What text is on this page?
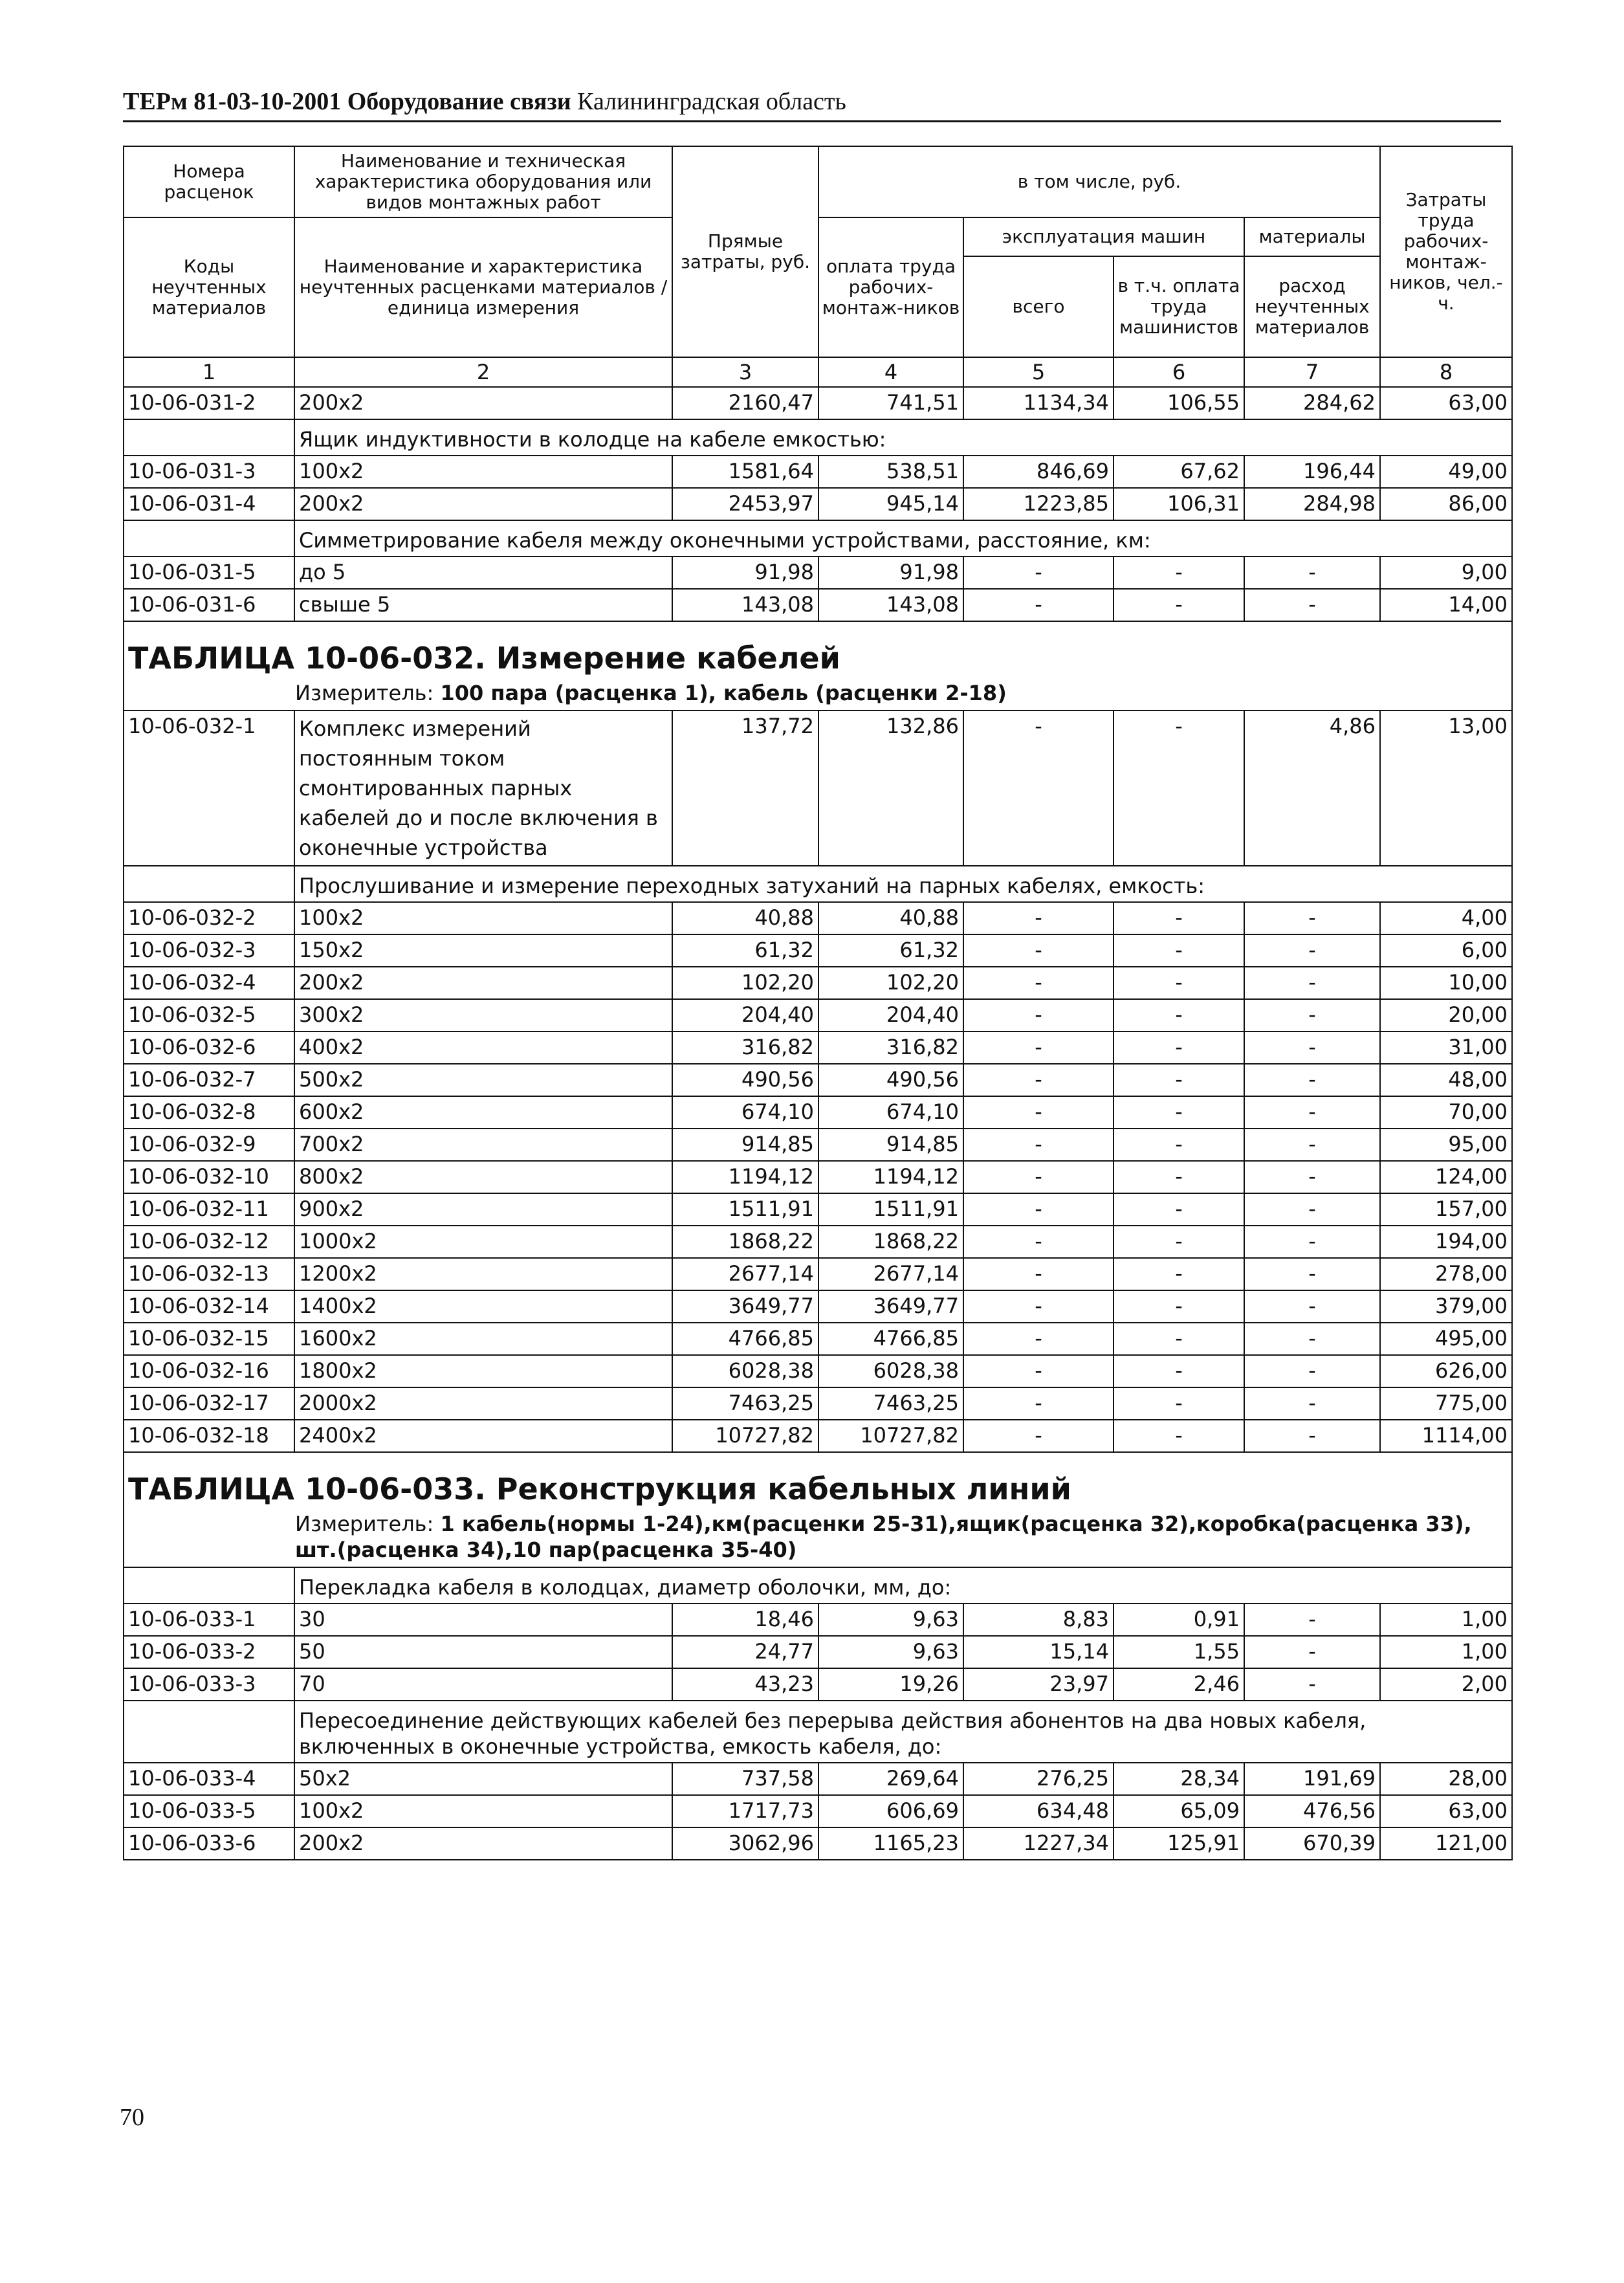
ТЕРм 81-03-10-2001 Оборудование связи Калининградская область
Номера расценок	Наименование и техническая характеристика оборудования или видов монтажных работ	Прямые затраты, руб.	в том числе, руб.				Затраты труда рабочих-монтаж-ников, чел.-ч.
Коды неучтенных материалов	Наименование и характеристика неучтенных расценками материалов / единица измерения		оплата труда рабочих-монтаж-ников	эксплуатация машин		материалы	
				всего	в т.ч. оплата труда машинистов	расход неучтенных материалов	
1	2	3	4	5	6	7	8
10-06-031-2	200x2	2160,47	741,51	1134,34	106,55	284,62	63,00
	Ящик индуктивности в колодце на кабеле емкостью:						
10-06-031-3	100x2	1581,64	538,51	846,69	67,62	196,44	49,00
10-06-031-4	200x2	2453,97	945,14	1223,85	106,31	284,98	86,00
	Симметрирование кабеля между оконечными устройствами, расстояние, км:						
10-06-031-5	до 5	91,98	91,98	-	-	-	9,00
10-06-031-6	свыше 5	143,08	143,08	-	-	-	14,00

ТАБЛИЦА 10-06-032. Измерение кабелей
Измеритель: 100 пара (расценка 1), кабель (расценки 2-18)							

10-06-032-1	Комплекс измерений постоянным током смонтированных парных кабелей до и после включения в оконечные устройства	137,72	132,86	-	-	4,86	13,00
	Прослушивание и измерение переходных затуханий на парных кабелях, емкость:						
10-06-032-2	100x2	40,88	40,88	-	-	-	4,00
10-06-032-3	150x2	61,32	61,32	-	-	-	6,00
10-06-032-4	200x2	102,20	102,20	-	-	-	10,00
10-06-032-5	300x2	204,40	204,40	-	-	-	20,00
10-06-032-6	400x2	316,82	316,82	-	-	-	31,00
10-06-032-7	500x2	490,56	490,56	-	-	-	48,00
10-06-032-8	600x2	674,10	674,10	-	-	-	70,00
10-06-032-9	700x2	914,85	914,85	-	-	-	95,00
10-06-032-10	800x2	1194,12	1194,12	-	-	-	124,00
10-06-032-11	900x2	1511,91	1511,91	-	-	-	157,00
10-06-032-12	1000x2	1868,22	1868,22	-	-	-	194,00
10-06-032-13	1200x2	2677,14	2677,14	-	-	-	278,00
10-06-032-14	1400x2	3649,77	3649,77	-	-	-	379,00
10-06-032-15	1600x2	4766,85	4766,85	-	-	-	495,00
10-06-032-16	1800x2	6028,38	6028,38	-	-	-	626,00
10-06-032-17	2000x2	7463,25	7463,25	-	-	-	775,00
10-06-032-18	2400x2	10727,82	10727,82	-	-	-	1114,00

ТАБЛИЦА 10-06-033. Реконструкция кабельных линий
Измеритель: 1 кабель(нормы 1-24),км(расценки 25-31),ящик(расценка 32),коробка(расценка 33), шт.(расценка 34),10 пар(расценка 35-40)							

	Перекладка кабеля в колодцах, диаметр оболочки, мм, до:						
10-06-033-1	30	18,46	9,63	8,83	0,91	-	1,00
10-06-033-2	50	24,77	9,63	15,14	1,55	-	1,00
10-06-033-3	70	43,23	19,26	23,97	2,46	-	2,00
	Пересоединение действующих кабелей без перерыва действия абонентов на два новых кабеля, включенных в оконечные устройства, емкость кабеля, до:						
10-06-033-4	50x2	737,58	269,64	276,25	28,34	191,69	28,00
10-06-033-5	100x2	1717,73	606,69	634,48	65,09	476,56	63,00
10-06-033-6	200x2	3062,96	1165,23	1227,34	125,91	670,39	121,00
70
